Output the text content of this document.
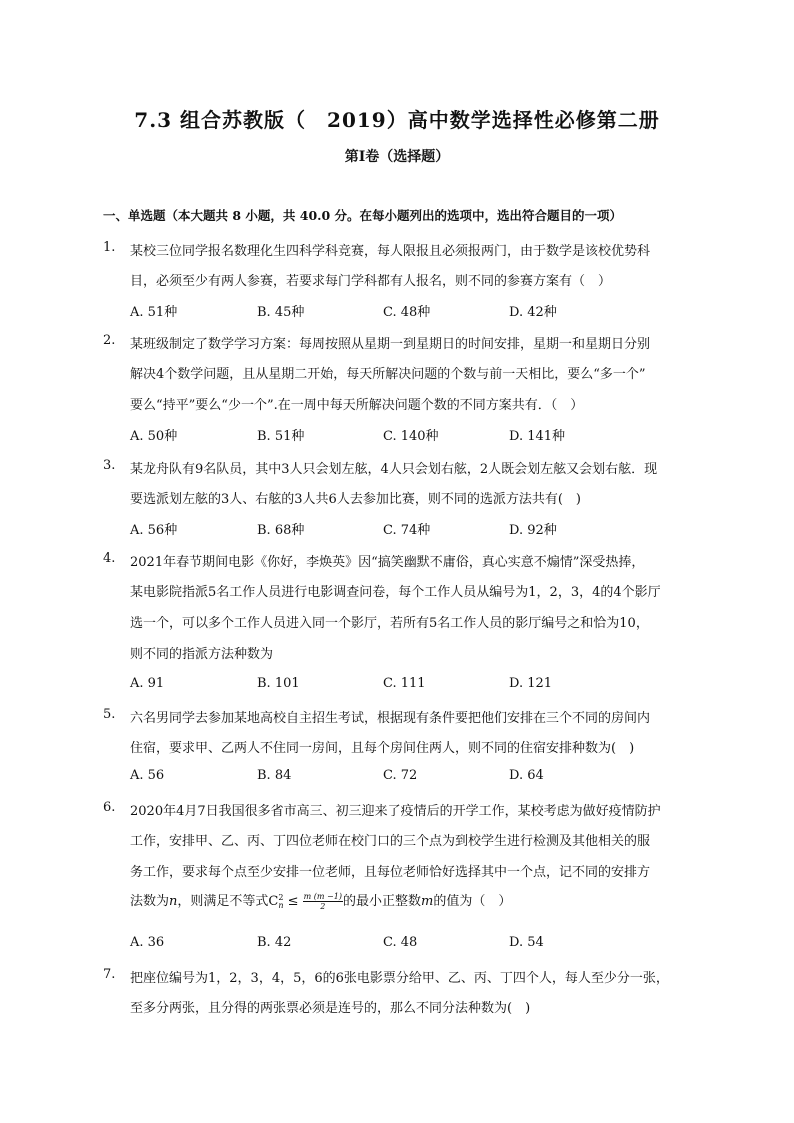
7.3 组合苏教版（　2019）高中数学选择性必修第二册
第Ⅰ卷（选择题）
一、单选题（本大题共 8 小题，共 40.0 分。在每小题列出的选项中，选出符合题目的一项）
1.	某校三位同学报名数理化生四科学科竞赛，每人限报且必须报两门，由于数学是该校优势科
目，必须至少有两人参赛，若要求每门学科都有人报名，则不同的参赛方案有（　）
A. 51种	B. 45种	C. 48种	D. 42种
2.	某班级制定了数学学习方案：每周按照从星期一到星期日的时间安排，星期一和星期日分别
解决4个数学问题，且从星期二开始，每天所解决问题的个数与前一天相比，要么“多一个”
要么“持平”要么“少一个”.在一周中每天所解决问题个数的不同方案共有．（　）
A. 50种	B. 51种	C. 140种	D. 141种
3.	某龙舟队有9名队员，其中3人只会划左舷，4人只会划右舷，2人既会划左舷又会划右舷．现
要选派划左舷的3人、右舷的3人共6人去参加比赛，则不同的选派方法共有(　)
A. 56种	B. 68种	C. 74种	D. 92种
4.	2021年春节期间电影《你好，李焕英》因“搞笑幽默不庸俗，真心实意不煽情”深受热捧，
某电影院指派5名工作人员进行电影调查问卷，每个工作人员从编号为1，2，3，4的4个影厅
选一个，可以多个工作人员进入同一个影厅，若所有5名工作人员的影厅编号之和恰为10，
则不同的指派方法种数为
A. 91	B. 101	C. 111	D. 121
5.	六名男同学去参加某地高校自主招生考试，根据现有条件要把他们安排在三个不同的房间内
住宿，要求甲、乙两人不住同一房间，且每个房间住两人，则不同的住宿安排种数为(　)
A. 56	B. 84	C. 72	D. 64
6.	2020年4月7日我国很多省市高三、初三迎来了疫情后的开学工作，某校考虑为做好疫情防护
工作，安排甲、乙、丙、丁四位老师在校门口的三个点为到校学生进行检测及其他相关的服
务工作，要求每个点至少安排一位老师，且每位老师恰好选择其中一个点，记不同的安排方
法数为n，则满足不等式C 2
$n \le \frac{m (m -1)}{2}$ 的最小正整数m的值为（　）
A. 36	B. 42	C. 48	D. 54
7.	把座位编号为1，2，3，4，5，6的6张电影票分给甲、乙、丙、丁四个人，每人至少分一张，
至多分两张，且分得的两张票必须是连号的，那么不同分法种数为(　)
